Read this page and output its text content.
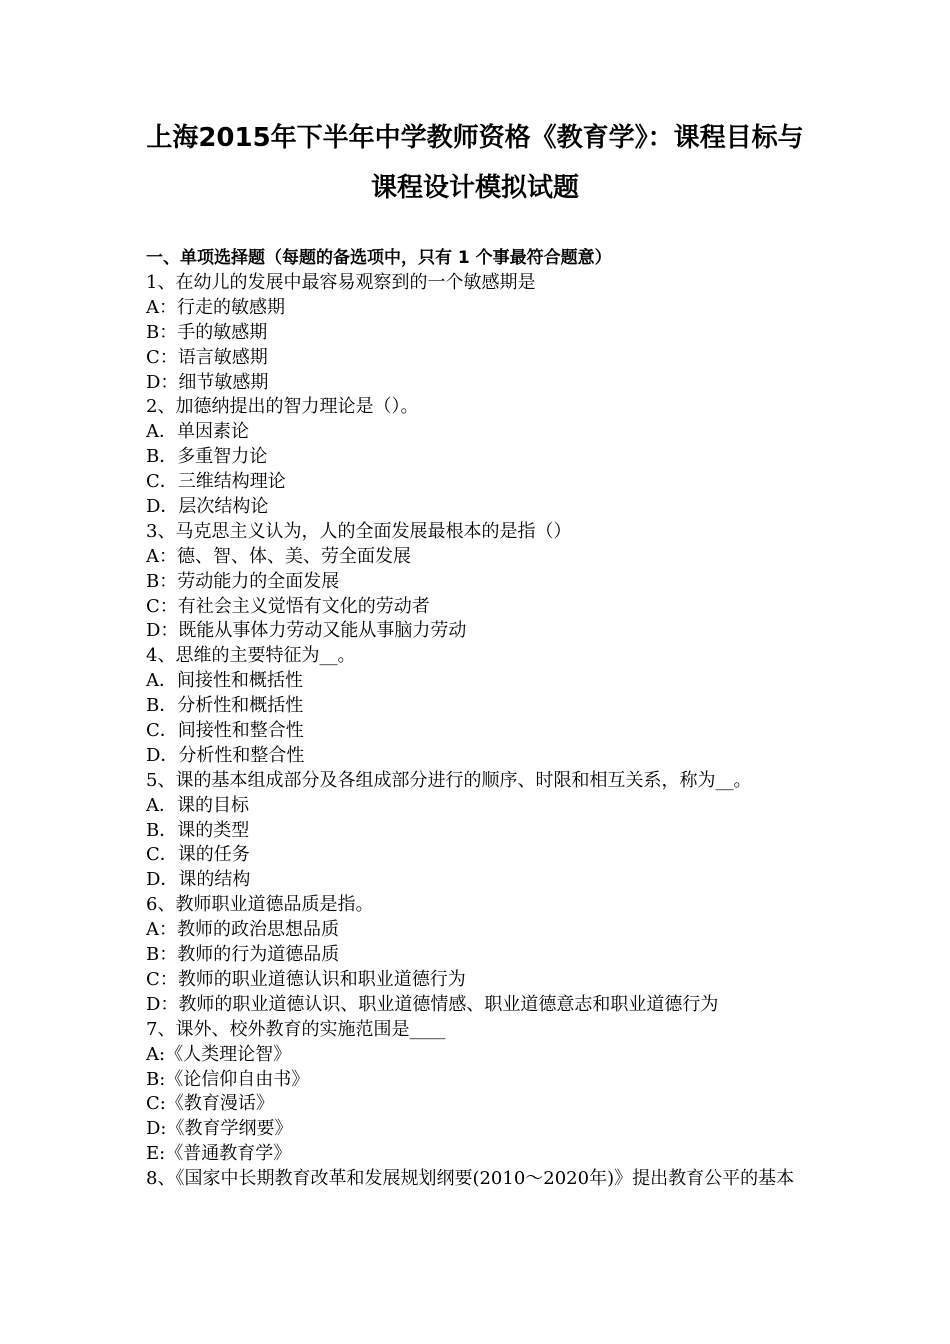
上海2015年下半年中学教师资格《教育学》：课程目标与
课程设计模拟试题
一、单项选择题（每题的备选项中，只有 1 个事最符合题意）
1、在幼儿的发展中最容易观察到的一个敏感期是
A：行走的敏感期
B：手的敏感期
C：语言敏感期
D：细节敏感期
2、加德纳提出的智力理论是（）。
A．单因素论
B．多重智力论
C．三维结构理论
D．层次结构论
3、马克思主义认为，人的全面发展最根本的是指（）
A：德、智、体、美、劳全面发展
B：劳动能力的全面发展
C：有社会主义觉悟有文化的劳动者
D：既能从事体力劳动又能从事脑力劳动
4、思维的主要特征为__。
A．间接性和概括性
B．分析性和概括性
C．间接性和整合性
D．分析性和整合性
5、课的基本组成部分及各组成部分进行的顺序、时限和相互关系，称为__。
A．课的目标
B．课的类型
C．课的任务
D．课的结构
6、教师职业道德品质是指。
A：教师的政治思想品质
B：教师的行为道德品质
C：教师的职业道德认识和职业道德行为
D：教师的职业道德认识、职业道德情感、职业道德意志和职业道德行为
7、课外、校外教育的实施范围是____
A:《人类理论智》
B:《论信仰自由书》
C:《教育漫话》
D:《教育学纲要》
E:《普通教育学》
8、《国家中长期教育改革和发展规划纲要(2010～2020年)》提出教育公平的基本
